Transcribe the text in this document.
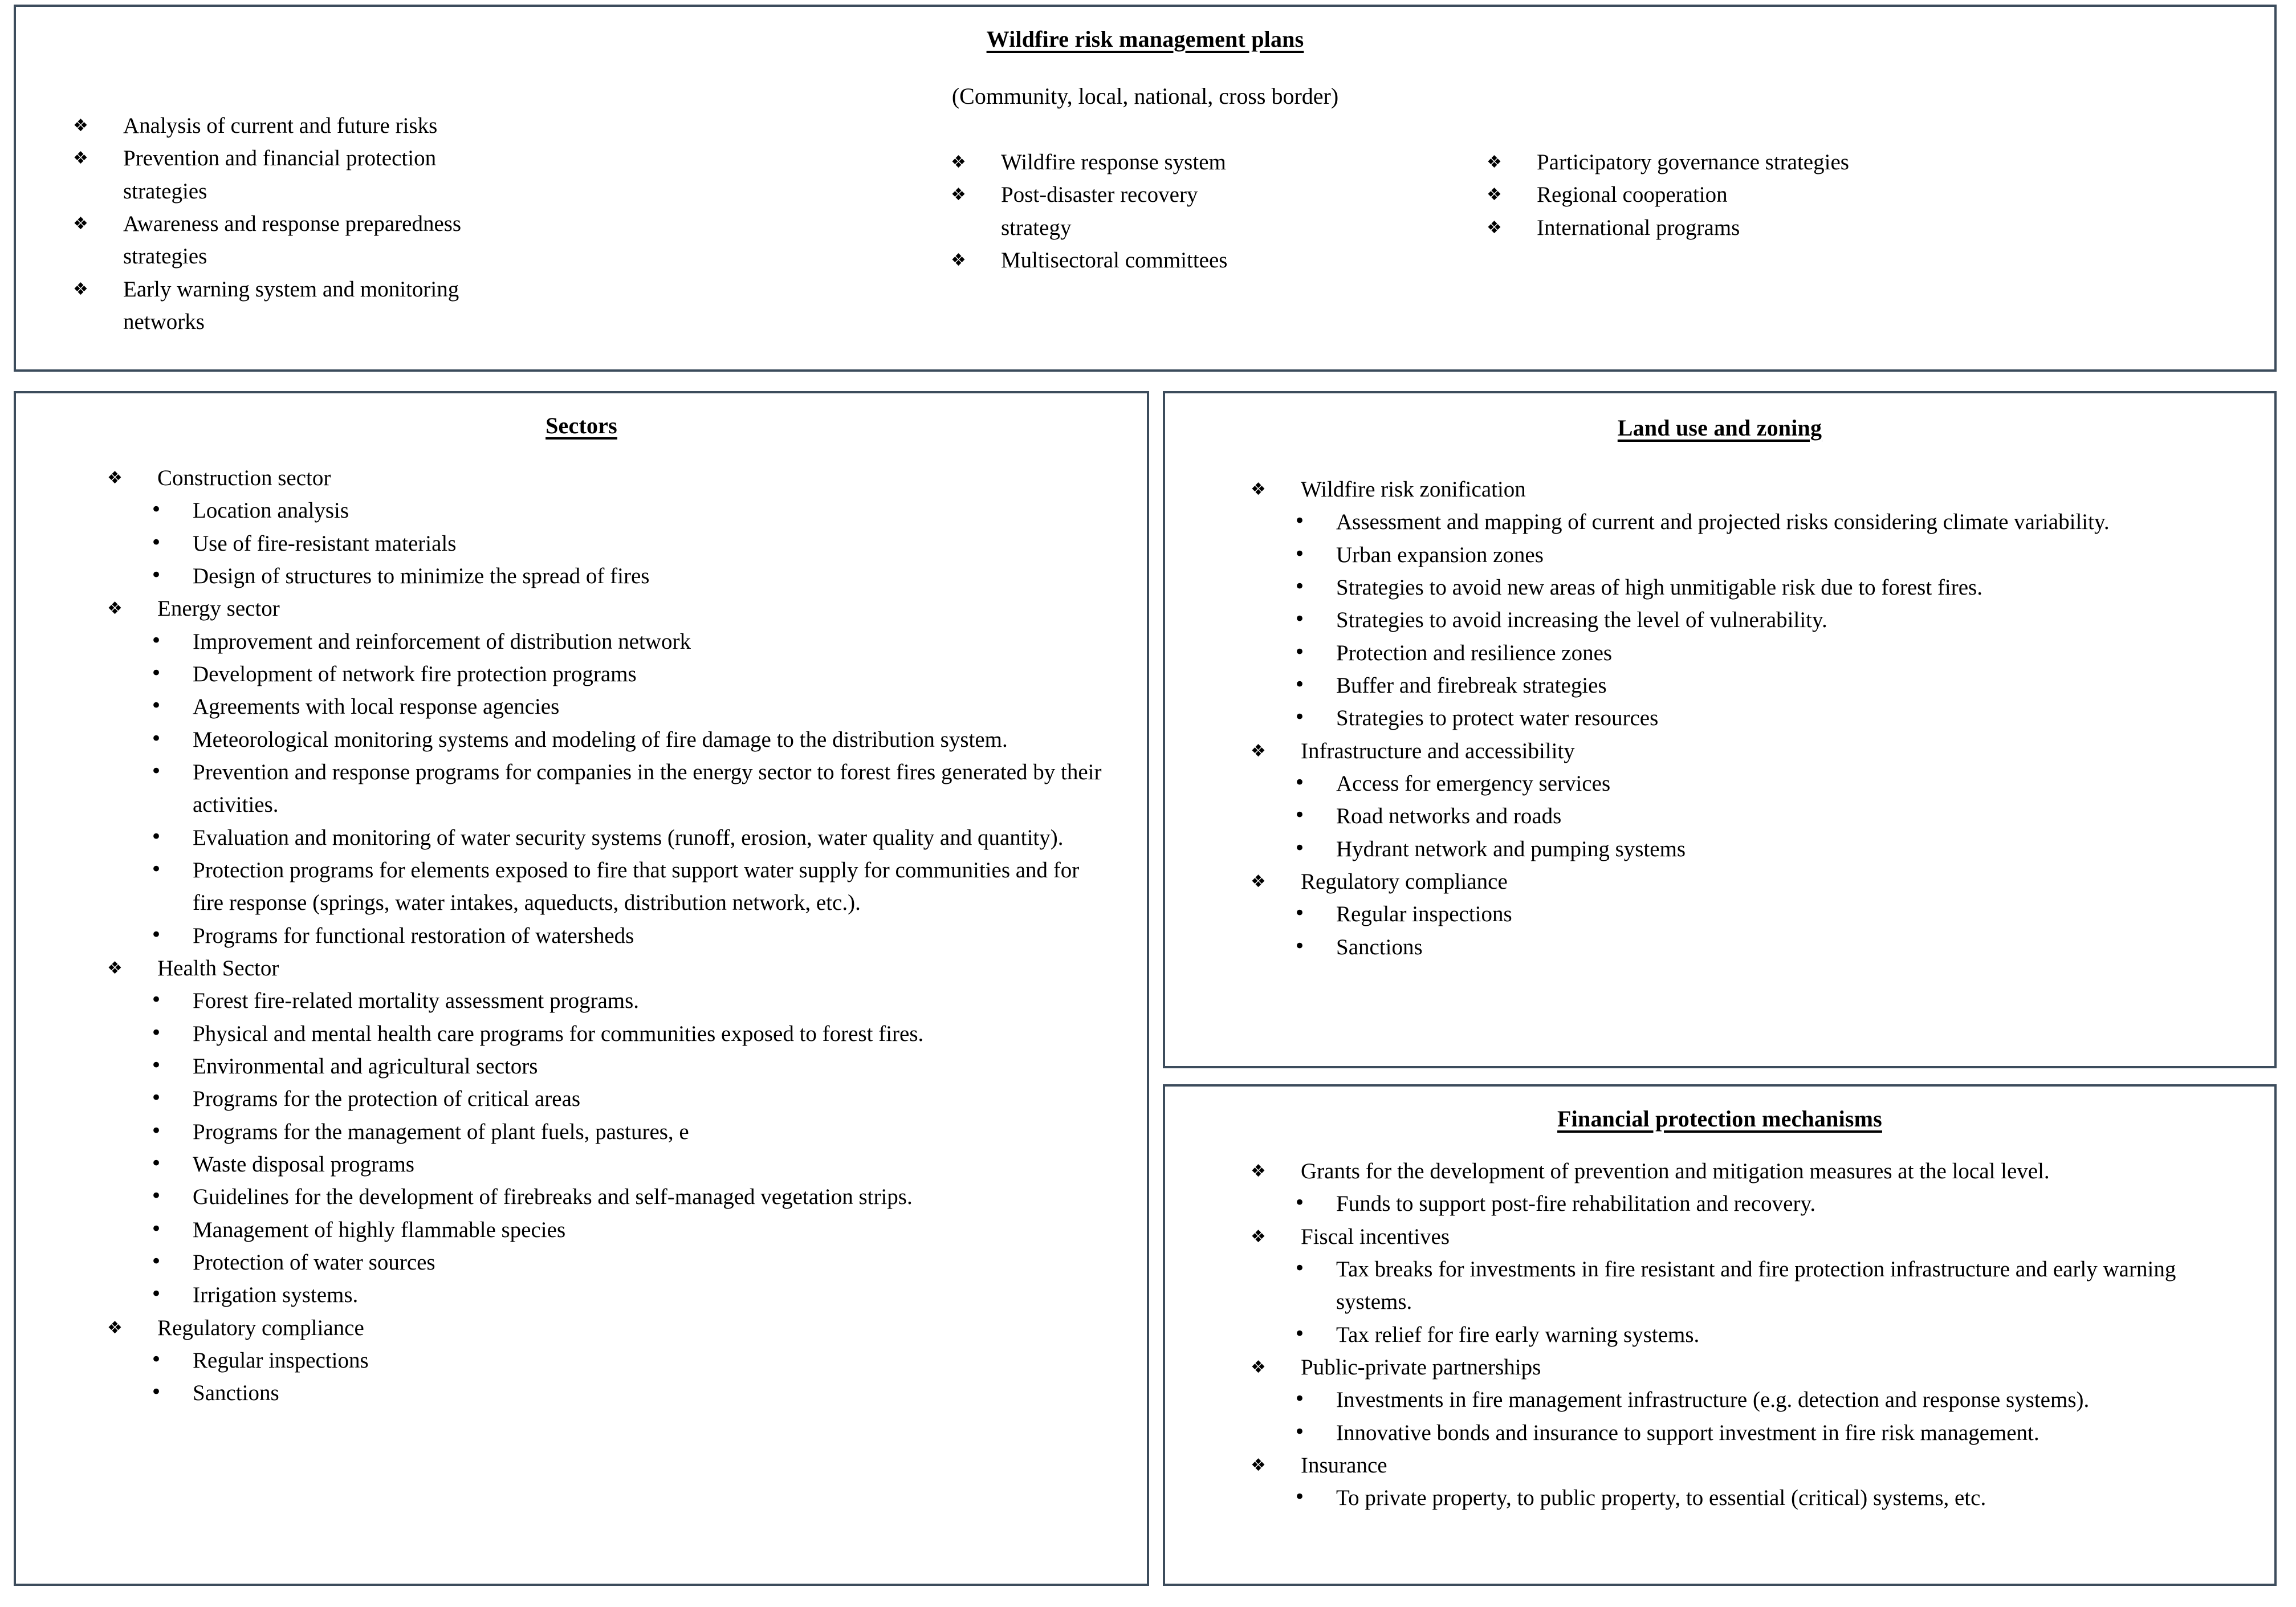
Wildfire risk management plans
(Community, local, national, cross border)
❖ Analysis of current and future risks
❖ Prevention and financial protection strategies
❖ Awareness and response preparedness strategies
❖ Early warning system and monitoring networks
❖ Wildfire response system
❖ Post-disaster recovery strategy
❖ Multisectoral committees
❖ Participatory governance strategies
❖ Regional cooperation
❖ International programs
Sectors
❖ Construction sector
• Location analysis
• Use of fire-resistant materials
• Design of structures to minimize the spread of fires
❖ Energy sector
• Improvement and reinforcement of distribution network
• Development of network fire protection programs
• Agreements with local response agencies
• Meteorological monitoring systems and modeling of fire damage to the distribution system.
• Prevention and response programs for companies in the energy sector to forest fires generated by their activities.
• Evaluation and monitoring of water security systems (runoff, erosion, water quality and quantity).
• Protection programs for elements exposed to fire that support water supply for communities and for fire response (springs, water intakes, aqueducts, distribution network, etc.).
• Programs for functional restoration of watersheds
❖ Health Sector
• Forest fire-related mortality assessment programs.
• Physical and mental health care programs for communities exposed to forest fires.
• Environmental and agricultural sectors
• Programs for the protection of critical areas
• Programs for the management of plant fuels, pastures, e
• Waste disposal programs
• Guidelines for the development of firebreaks and self-managed vegetation strips.
• Management of highly flammable species
• Protection of water sources
• Irrigation systems.
❖ Regulatory compliance
• Regular inspections
• Sanctions
Land use and zoning
❖ Wildfire risk zonification
• Assessment and mapping of current and projected risks considering climate variability.
• Urban expansion zones
• Strategies to avoid new areas of high unmitigable risk due to forest fires.
• Strategies to avoid increasing the level of vulnerability.
• Protection and resilience zones
• Buffer and firebreak strategies
• Strategies to protect water resources
❖ Infrastructure and accessibility
• Access for emergency services
• Road networks and roads
• Hydrant network and pumping systems
❖ Regulatory compliance
• Regular inspections
• Sanctions
Financial protection mechanisms
❖ Grants for the development of prevention and mitigation measures at the local level.
• Funds to support post-fire rehabilitation and recovery.
❖ Fiscal incentives
• Tax breaks for investments in fire resistant and fire protection infrastructure and early warning systems.
• Tax relief for fire early warning systems.
❖ Public-private partnerships
• Investments in fire management infrastructure (e.g. detection and response systems).
• Innovative bonds and insurance to support investment in fire risk management.
❖ Insurance
• To private property, to public property, to essential (critical) systems, etc.
